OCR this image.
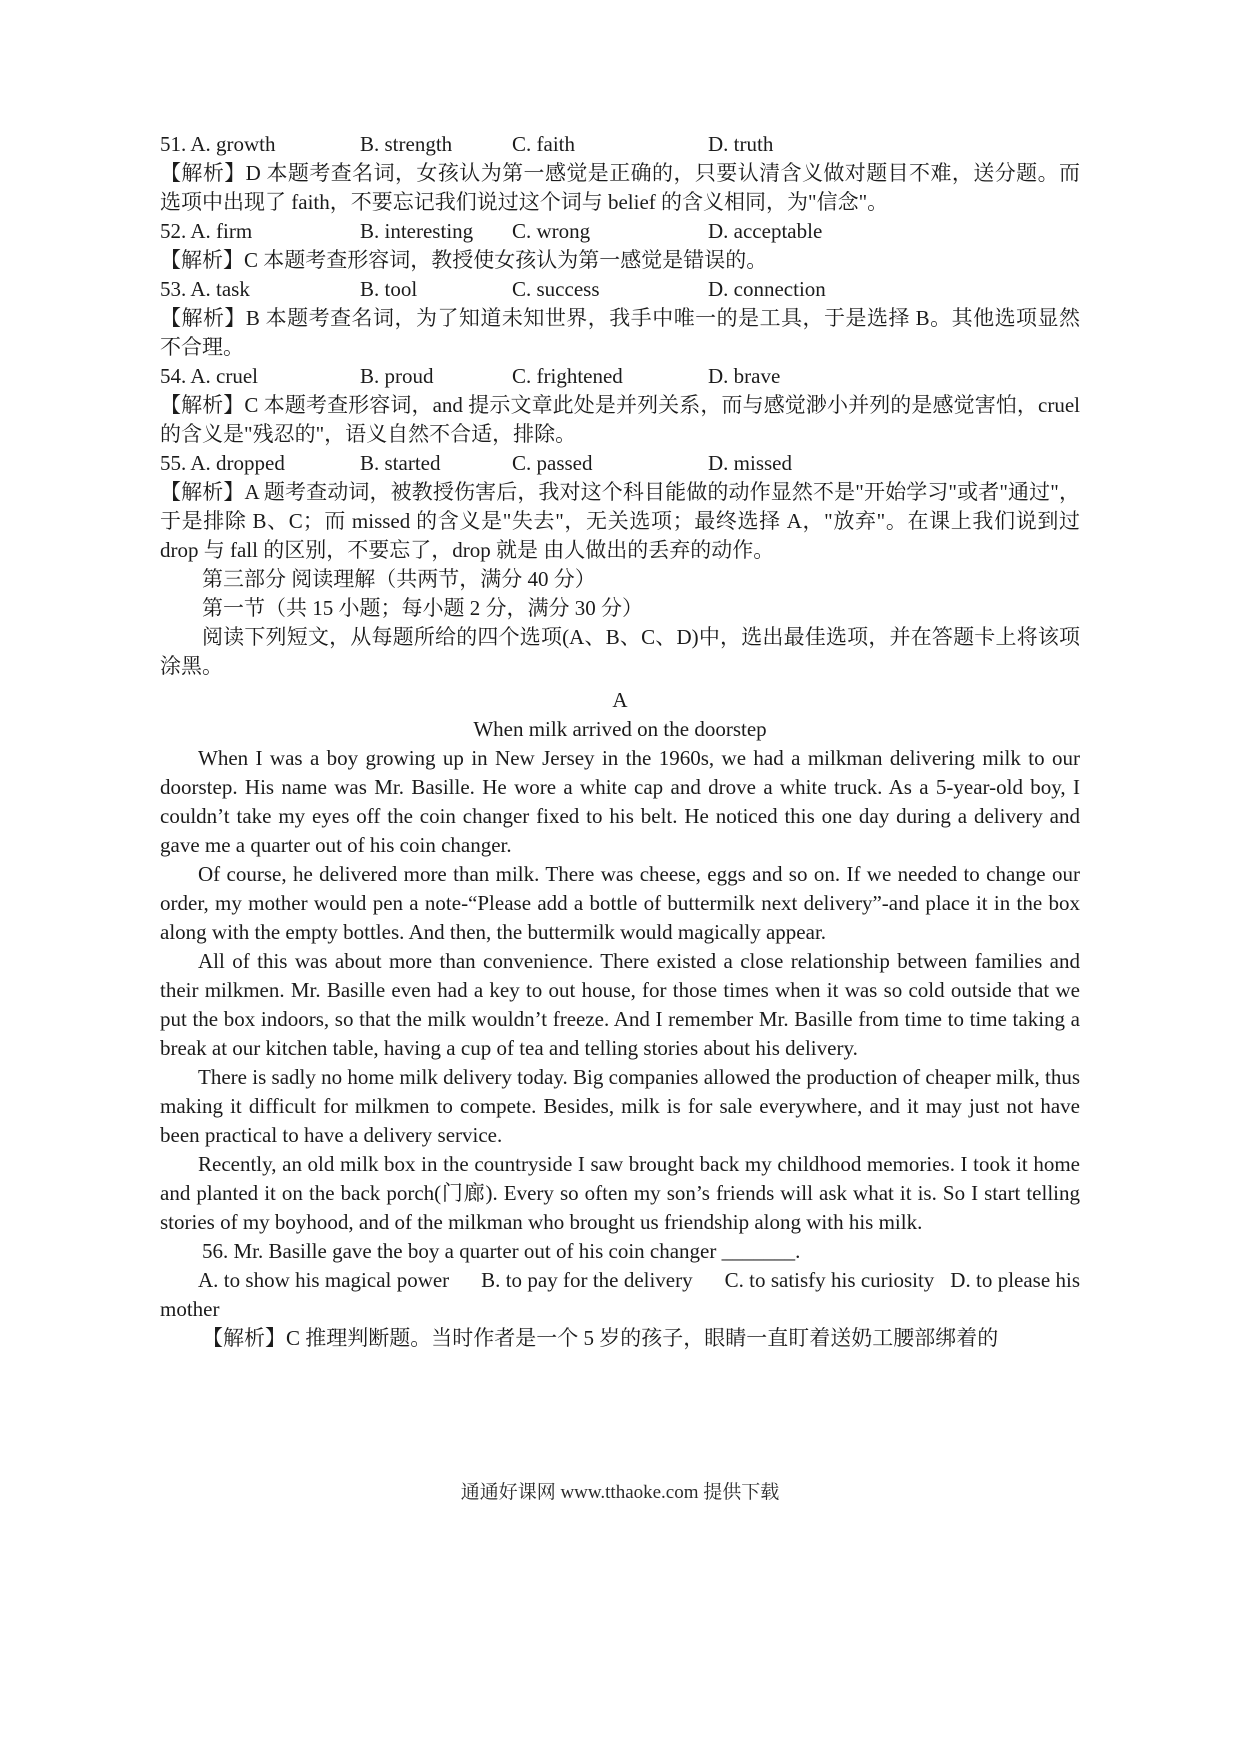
51. A. growth	B. strength	C. faith	D. truth

【解析】D 本题考查名词，女孩认为第一感觉是正确的，只要认清含义做对题目不难，送分题。而选项中出现了 faith，不要忘记我们说过这个词与 belief 的含义相同，为"信念"。

52. A. firm	B. interesting	C. wrong	D. acceptable

【解析】C 本题考查形容词，教授使女孩认为第一感觉是错误的。

53. A. task	B. tool	C. success	D. connection

【解析】B 本题考查名词，为了知道未知世界，我手中唯一的是工具，于是选择 B。其他选项显然不合理。

54. A. cruel	B. proud	C. frightened	D. brave

【解析】C 本题考查形容词，and 提示文章此处是并列关系，而与感觉渺小并列的是感觉害怕，cruel 的含义是"残忍的"，语义自然不合适，排除。

55. A. dropped	B. started	C. passed	D. missed

【解析】A 题考查动词，被教授伤害后，我对这个科目能做的动作显然不是"开始学习"或者"通过"，于是排除 B、C；而 missed 的含义是"失去"，无关选项；最终选择 A，"放弃"。在课上我们说到过 drop 与 fall 的区别，不要忘了，drop 就是 由人做出的丢弃的动作。

第三部分 阅读理解（共两节，满分 40 分）

第一节（共 15 小题；每小题 2 分，满分 30 分）

阅读下列短文，从每题所给的四个选项(A、B、C、D)中，选出最佳选项，并在答题卡上将该项涂黑。

A

When milk arrived on the doorstep

When I was a boy growing up in New Jersey in the 1960s, we had a milkman delivering milk to our doorstep. His name was Mr. Basille. He wore a white cap and drove a white truck. As a 5-year-old boy, I couldn’t take my eyes off the coin changer fixed to his belt. He noticed this one day during a delivery and gave me a quarter out of his coin changer.

Of course, he delivered more than milk. There was cheese, eggs and so on. If we needed to change our order, my mother would pen a note-“Please add a bottle of buttermilk next delivery”-and place it in the box along with the empty bottles. And then, the buttermilk would magically appear.

All of this was about more than convenience. There existed a close relationship between families and their milkmen. Mr. Basille even had a key to out house, for those times when it was so cold outside that we put the box indoors, so that the milk wouldn’t freeze. And I remember Mr. Basille from time to time taking a break at our kitchen table, having a cup of tea and telling stories about his delivery.

There is sadly no home milk delivery today. Big companies allowed the production of cheaper milk, thus making it difficult for milkmen to compete. Besides, milk is for sale everywhere, and it may just not have been practical to have a delivery service.

Recently, an old milk box in the countryside I saw brought back my childhood memories. I took it home and planted it on the back porch(门廊). Every so often my son’s friends will ask what it is. So I start telling stories of my boyhood, and of the milkman who brought us friendship along with his milk.

56. Mr. Basille gave the boy a quarter out of his coin changer _______.

A. to show his magical power      B. to pay for the delivery      C. to satisfy his curiosity   D. to please his mother

【解析】C 推理判断题。当时作者是一个 5 岁的孩子，眼睛一直盯着送奶工腰部绑着的

通通好课网 www.tthaoke.com 提供下载
